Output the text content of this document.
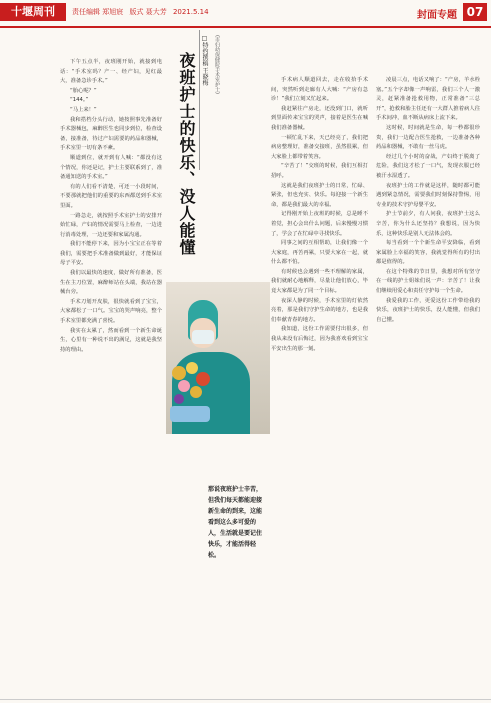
十堰周刊	责任编辑 郑旭宸 版式 聂大芳 2021.5.14	封面专题 07

下午五点半，夜班刚开始，就接到电话：“手术室吗？产一、经产妇，见红最大，准备急诊手术。”

“胎心呢？”

“144。”

“马上来！”

我和搭档分头行动，她按照事先准备好手术器械包，麻醉医生也同步到位，检查设备，接准备，待过产妇需要的药品和器械，手术室里一切有条不紊。

顺道到位，就开到有人喊：“都没有这个情况，你还是记，护士主要联系到了，准备通知送的手术室。”

有的人们看不清楚，可还一小段时间，不要那就把他们的重要的东西都送到手术室里面。

一路急走，就按照手术室护士的安排开始忙碌，产妇的情况需要马上检查，一边进行消毒处理，一边还要和家属沟通。

我们不能停下来，因为小宝宝正在等着我们，需要把手术准备做到最好，才能保证母子平安。

我们以最快的速度，做好所有准备，医生在主刀位置，麻醉师站在头端，我站在器械台旁。

手术刀划开皮肤，很快就看到了宝宝，大家都松了一口气。宝宝的哭声响亮，整个手术室里都充满了喜悦。

我实在太累了，然而看到一个新生命诞生，心里有一种说不出的满足，这就是我坚持的理由。

夜班护士的快乐、没人能懂 □特约撰稿 王晓梅 (市妇幼保健院手术室护士)
那说夜班护士辛苦，但我们每天都能迎接新生命的到来，这能看到这么多可爱的人，生活就是要记住快乐，才能活得轻松。

手术病人顺道回去，走在收拾手术间，突然听到走廊有人大喊：“产房有急诊！”我们立刻又忙起来。

我赶紧往产房走，还没到门口，就听到里面传来宝宝的哭声，接着是医生在喊我们准备器械。

一顿忙乱下来，天已经亮了，我们把病房整理好，准备交接班，虽然很累，但大家脸上都带着笑容。

“辛苦了！”交班的时候，我们互相打招呼。

这就是我们夜班护士的日常，忙碌、紧张，但也充实、快乐。每迎接一个新生命，都是我们最大的幸福。

记得刚开始上夜班的时候，总是睡不着觉，担心会出什么问题，后来慢慢习惯了，学会了在忙碌中寻找快乐。

同事之间的互相帮助，让我们像一个大家庭，再苦再累，只要大家在一起，就什么都不怕。

有时候也会遇到一些不理解的家属，我们就耐心地解释，尽量让他们放心，毕竟大家都是为了同一个目标。

夜深人静的时候，手术室里的灯依然亮着，那是我们守护生命的地方，也是我们奉献青春的地方。

我知道，这份工作需要付出很多，但我从来没有后悔过，因为我喜欢看到宝宝平安出生的那一刻。

凌晨三点，电话又响了：“产房，羊水栓塞。”五个字却像一声响雷，我们三个人一激灵，赶紧准备抢救用物，正常准备“三总开”，抢救和胎主任还有一大群人推着病人往手术间冲，血不断从病床上流下来。

这时候，时间就是生命，每一秒都很珍贵，我们一边配合医生抢救，一边准备各种药品和器械，不敢有一丝马虎。

经过几个小时的奋战，产妇终于脱离了危险，我们这才松了一口气，发现衣服已经被汗水湿透了。

夜班护士的工作就是这样，随时都可能遇到紧急情况，需要我们时刻保持警惕，用专业的技术守护母婴平安。

护士节前夕，有人问我，夜班护士这么辛苦，你为什么还坚持？我想说，因为快乐，这种快乐是别人无法体会的。

每当看到一个个新生命平安降临，看到家属脸上幸福的笑容，我就觉得所有的付出都是值得的。

在这个特殊的节日里，我想对所有坚守在一线的护士姐妹们说一声：辛苦了！让我们继续用爱心和责任守护每一个生命。

我爱我的工作，更爱这份工作带给我的快乐，夜班护士的快乐，没人能懂，但我们自己懂。
